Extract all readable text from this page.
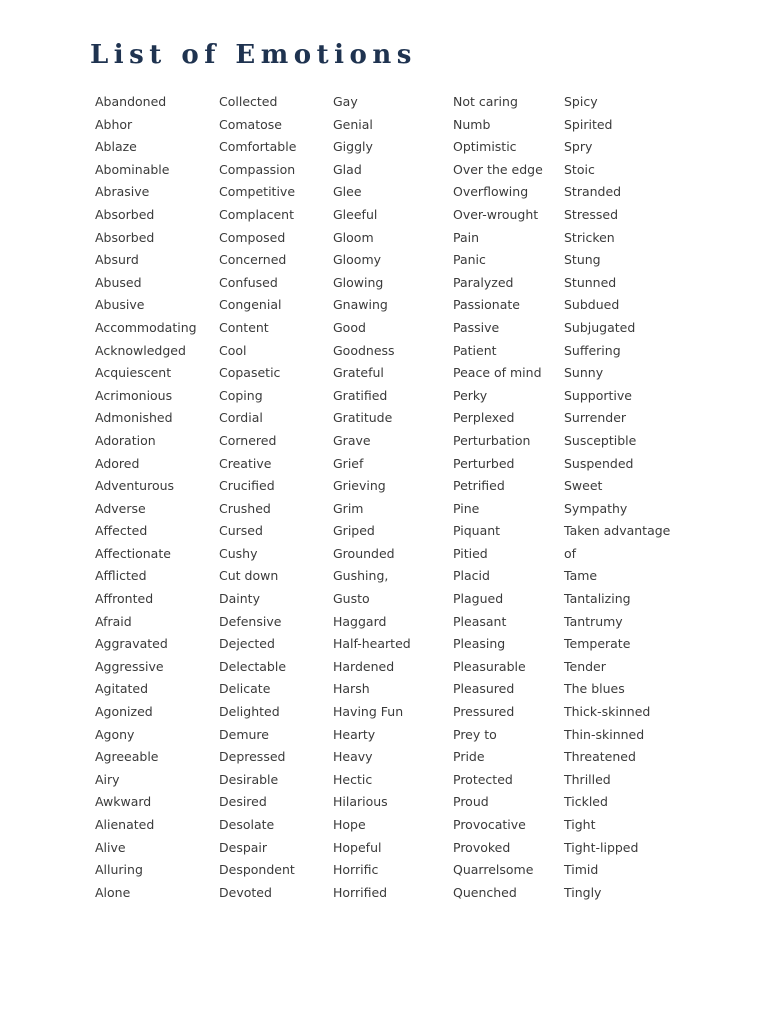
List of Emotions
Abandoned
Abhor
Ablaze
Abominable
Abrasive
Absorbed
Absorbed
Absurd
Abused
Abusive
Accommodating
Acknowledged
Acquiescent
Acrimonious
Admonished
Adoration
Adored
Adventurous
Adverse
Affected
Affectionate
Afflicted
Affronted
Afraid
Aggravated
Aggressive
Agitated
Agonized
Agony
Agreeable
Airy
Awkward
Alienated
Alive
Alluring
Alone
Collected
Comatose
Comfortable
Compassion
Competitive
Complacent
Composed
Concerned
Confused
Congenial
Content
Cool
Copasetic
Coping
Cordial
Cornered
Creative
Crucified
Crushed
Cursed
Cushy
Cut down
Dainty
Defensive
Dejected
Delectable
Delicate
Delighted
Demure
Depressed
Desirable
Desired
Desolate
Despair
Despondent
Devoted
Gay
Genial
Giggly
Glad
Glee
Gleeful
Gloom
Gloomy
Glowing
Gnawing
Good
Goodness
Grateful
Gratified
Gratitude
Grave
Grief
Grieving
Grim
Griped
Grounded
Gushing,
Gusto
Haggard
Half-hearted
Hardened
Harsh
Having Fun
Hearty
Heavy
Hectic
Hilarious
Hope
Hopeful
Horrific
Horrified
Not caring
Numb
Optimistic
Over the edge
Overflowing
Over-wrought
Pain
Panic
Paralyzed
Passionate
Passive
Patient
Peace of mind
Perky
Perplexed
Perturbation
Perturbed
Petrified
Pine
Piquant
Pitied
Placid
Plagued
Pleasant
Pleasing
Pleasurable
Pleasured
Pressured
Prey to
Pride
Protected
Proud
Provocative
Provoked
Quarrelsome
Quenched
Spicy
Spirited
Spry
Stoic
Stranded
Stressed
Stricken
Stung
Stunned
Subdued
Subjugated
Suffering
Sunny
Supportive
Surrender
Susceptible
Suspended
Sweet
Sympathy
Taken advantage
of
Tame
Tantalizing
Tantrumy
Temperate
Tender
The blues
Thick-skinned
Thin-skinned
Threatened
Thrilled
Tickled
Tight
Tight-lipped
Timid
Tingly
